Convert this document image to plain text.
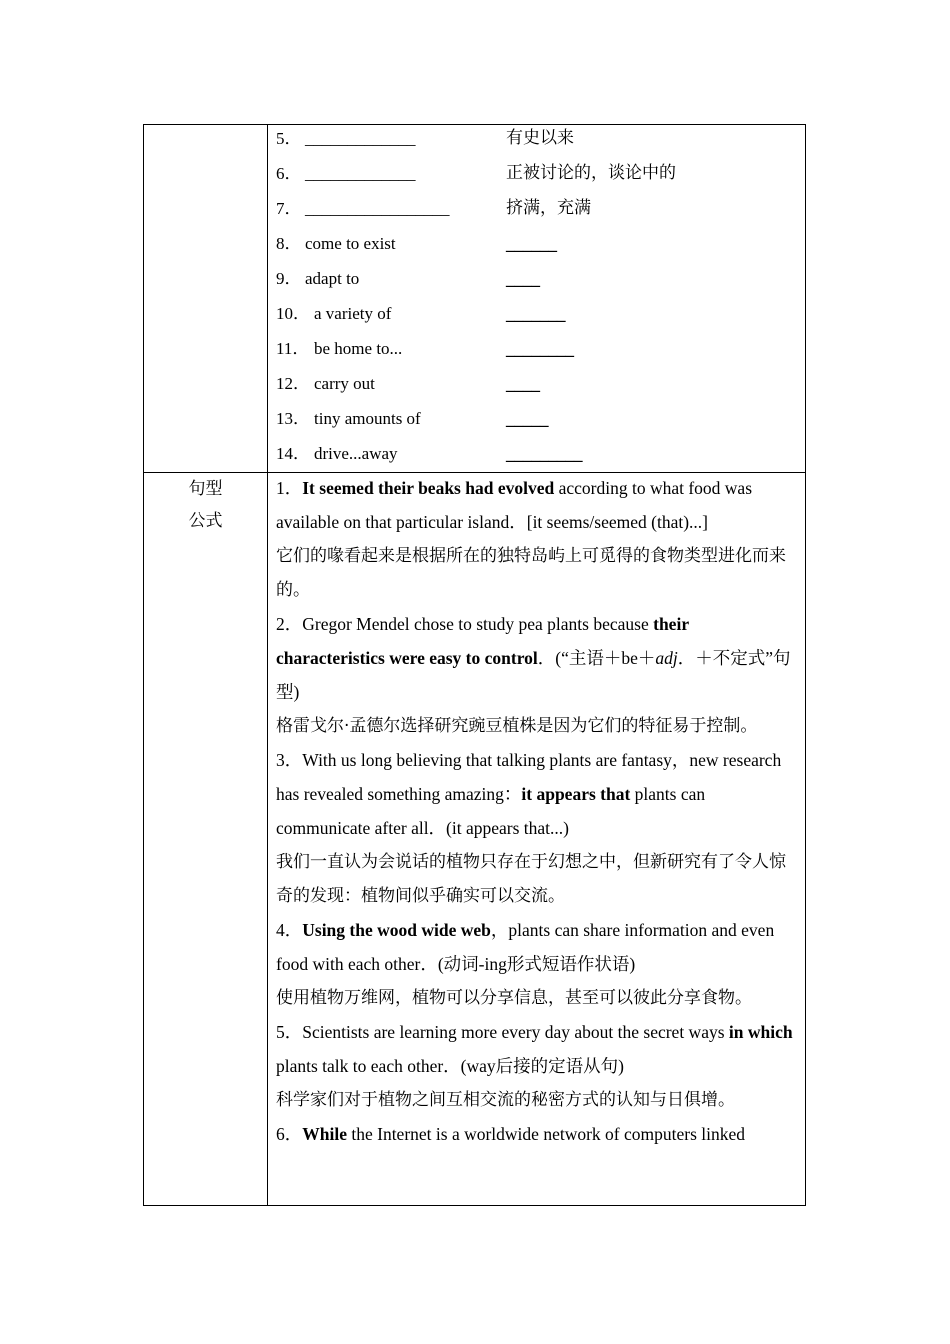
5． _____________	有史以来
6． _____________	正被讨论的，谈论中的
7． _________________	挤满，充满
8． come to exist	______
9． adapt to	____
10． a variety of	_______
11． be home to...	________
12． carry out	____
13． tiny amounts of	_____
14． drive...away	_________
句型
公式

1．It seemed their beaks had evolved according to what food was available on that particular island．[it seems/seemed (that)...]

它们的喙看起来是根据所在的独特岛屿上可觅得的食物类型进化而来的。

2．Gregor Mendel chose to study pea plants because their characteristics were easy to control．(“主语＋be＋adj．＋不定式”句型)

格雷戈尔·孟德尔选择研究豌豆植株是因为它们的特征易于控制。

3．With us long believing that talking plants are fantasy，new research has revealed something amazing：it appears that plants can communicate after all．(it appears that...)

我们一直认为会说话的植物只存在于幻想之中，但新研究有了令人惊奇的发现：植物间似乎确实可以交流。

4．Using the wood wide web，plants can share information and even food with each other．(动词-ing形式短语作状语)

使用植物万维网，植物可以分享信息，甚至可以彼此分享食物。

5．Scientists are learning more every day about the secret ways in which plants talk to each other．(way后接的定语从句)

科学家们对于植物之间互相交流的秘密方式的认知与日俱增。

6．While the Internet is a worldwide network of computers linked
